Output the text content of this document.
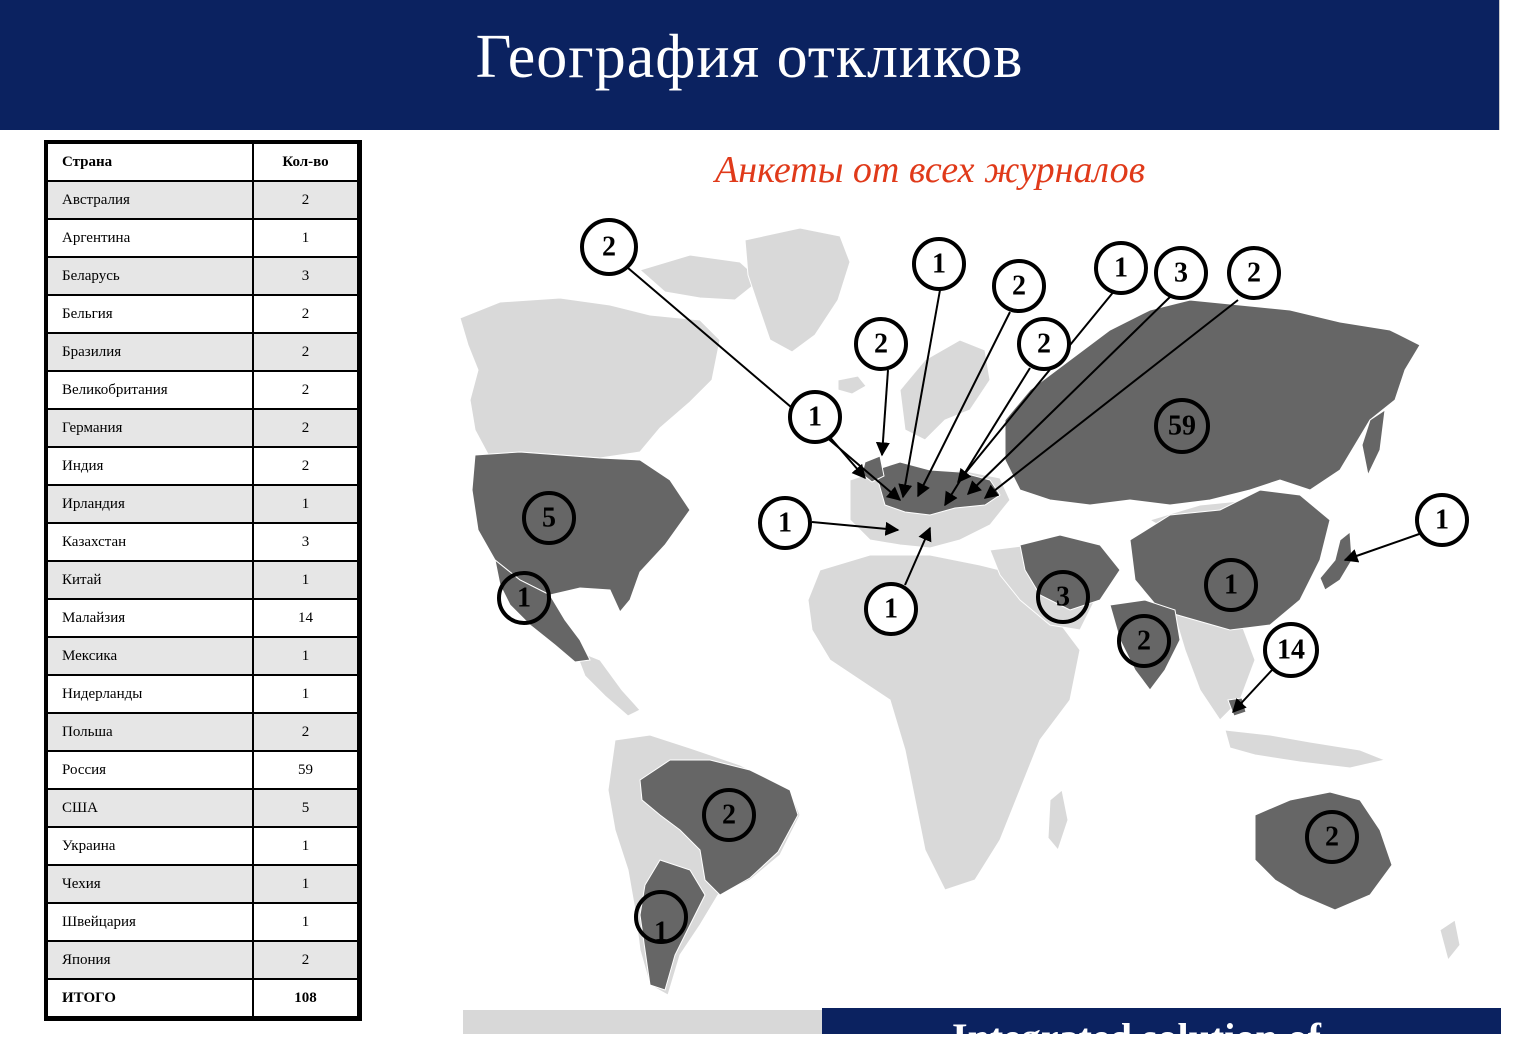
География откликов
Страна	Кол-во
Австралия	2
Аргентина	1
Беларусь	3
Бельгия	2
Бразилия	2
Великобритания	2
Германия	2
Индия	2
Ирландия	1
Казахстан	3
Китай	1
Малайзия	14
Мексика	1
Нидерланды	1
Польша	2
Россия	59
США	5
Украина	1
Чехия	1
Швейцария	1
Япония	2
ИТОГО	108
Анкеты от всех журналов
2
1
2
1 3 2
2	2
1	59
5	1	1
1	3	1
1
2	14
2
2
1
Integrated solution of
